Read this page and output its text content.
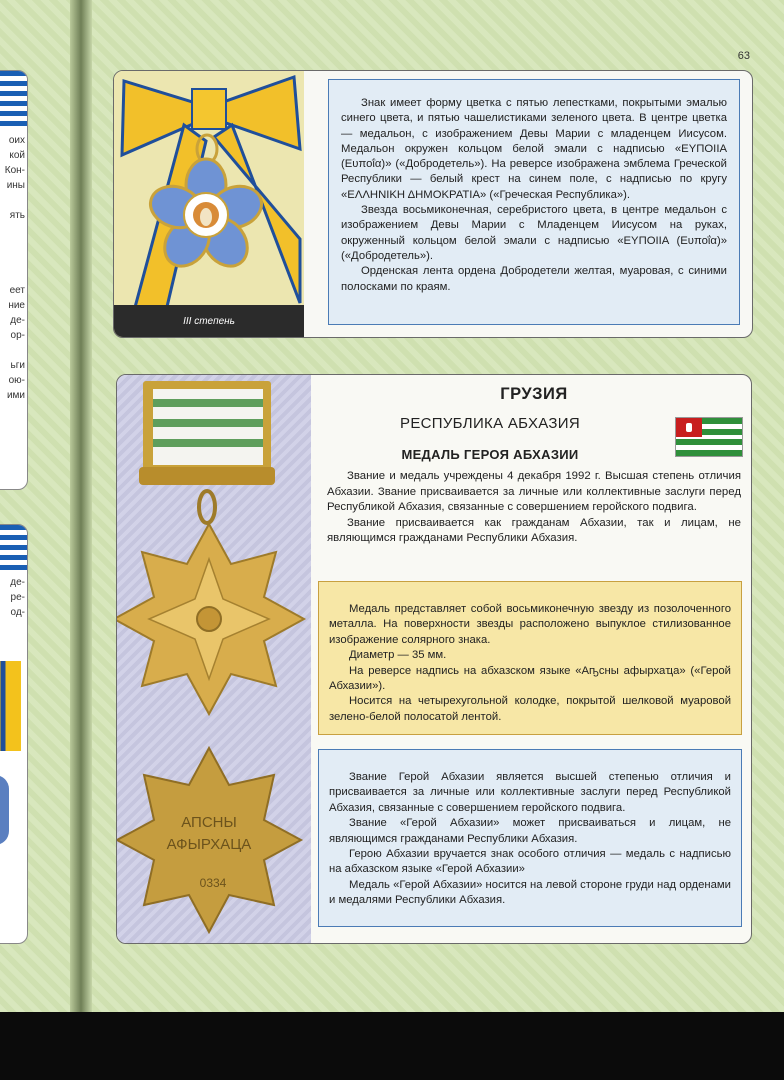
оих
кой
Кон-
ины

ять

еет
ние
де-
ор-

ьги
ою-
ими
де-
ре-
од-
63
III степень

Знак имеет форму цветка с пятью лепестками, покрытыми эмалью синего цвета, и пятью чашелистиками зеленого цвета. В центре цветка — медальон, с изображением Девы Марии с младенцем Иисусом. Медальон окружен кольцом белой эмали с надписью «ΕΥΠΟΙΙΑ (Ευποΐα)» («Добродетель»). На реверсе изображена эмблема Греческой Республики — белый крест на синем поле, с надписью по кругу «ΕΛΛΗΝΙΚΗ ΔΗΜΟΚΡΑΤΙΑ» («Греческая Республика»).

Звезда восьмиконечная, серебристого цвета, в центре медальон с изображением Девы Марии с Младенцем Иисусом на руках, окруженный кольцом белой эмали с надписью «ΕΥΠΟΙΙΑ (Ευποΐα)» («Добродетель»).

Орденская лента ордена Добродетели желтая, муаровая, с синими полосками по краям.

АПСНЫ
АФЫРХАЦА
0334
ГРУЗИЯ
РЕСПУБЛИКА АБХАЗИЯ
МЕДАЛЬ ГЕРОЯ АБХАЗИИ

Звание и медаль учреждены 4 декабря 1992 г. Высшая степень отличия Абхазии. Звание присваивается за личные или коллективные заслуги перед Республикой Абхазия, связанные с совершением геройского подвига.

Звание присваивается как гражданам Абхазии, так и лицам, не являющимся гражданами Республики Абхазия.

Медаль представляет собой восьмиконечную звезду из позолоченного металла. На поверхности звезды расположено выпуклое стилизованное изображение солярного знака.

Диаметр — 35 мм.

На реверсе надпись на абхазском языке «Аҧсны афырхаҵа» («Герой Абхазии»).

Носится на четырехугольной колодке, покрытой шелковой муаровой зелено-белой полосатой лентой.

Звание Герой Абхазии является высшей степенью отличия и присваивается за личные или коллективные заслуги перед Республикой Абхазия, связанные с совершением геройского подвига.

Звание «Герой Абхазии» может присваиваться и лицам, не являющимся гражданами Республики Абхазия.

Герою Абхазии вручается знак особого отличия — медаль с надписью на абхазском языке «Герой Абхазии»

Медаль «Герой Абхазии» носится на левой стороне груди над орденами и медалями Республики Абхазия.
